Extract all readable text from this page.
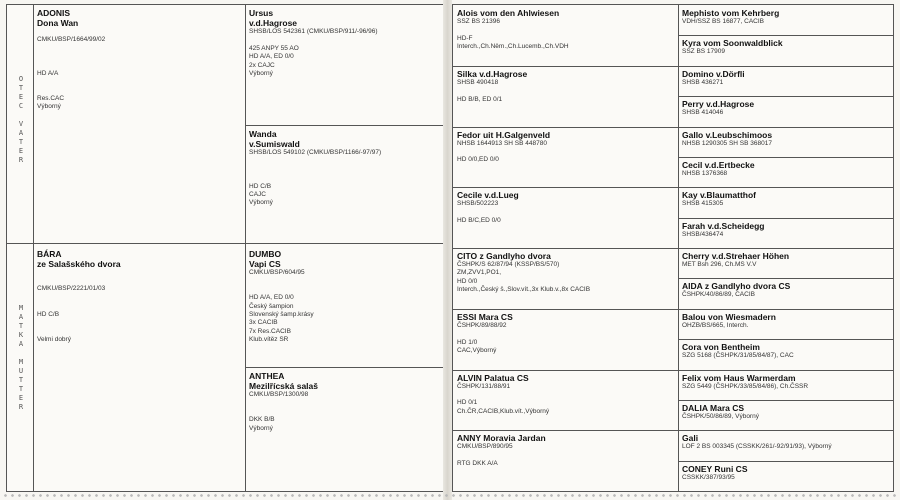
O
T
E
C

V
A
T
E
R
M
A
T
K
A

M
U
T
T
E
R
ADONIS
Dona Wan
CMKU/BSP/1664/99/02

HD A/A

Res.CAC
Výborný
BÁRA
ze Salašského dvora

CMKU/BSP/2221/01/03

HD C/B

Velmi dobrý
Ursus
v.d.Hagrose
SHSB/LOS 542361 (CMKU/BSP/911/-96/96)

425 ANPY 55 AO
HD A/A, ED 0/0
2x CAJC
Výborný
Wanda
v.Sumiswald
SHSB/LOS 549102 (CMKU/BSP/1166/-97/97)

HD C/B
CAJC
Výborný
DUMBO
Vapi CS
CMKU/BSP/604/95

HD A/A, ED 0/0
Český šampion
Slovenský šamp.krásy
3x CACIB
7x Res.CACIB
Klub.vítěz SR
ANTHEA
Mezilřícská salaš
CMKU/BSP/1300/98

DKK B/B
Výborný
Alois vom den Ahlwiesen
SSZ BS 21396

HD-F
Interch.,Ch.Něm.,Ch.Lucemb.,Ch.VDH
Silka v.d.Hagrose
SHSB 490418

HD B/B, ED 0/1
Fedor uit H.Galgenveld
NHSB 1644913 SH SB 448780

HD 0/0,ED 0/0
Cecile v.d.Lueg
SHSB/502223

HD B/C,ED 0/0
CITO z Gandlyho dvora
ČSHPK/S 62/87/94 (KSSP/BS/570)
ZM,ZVV1,PO1,
HD 0/0
Interch.,Český š.,Slov.vít.,3x Klub.v.,8x CACIB
ESSI Mara CS
ČSHPK/89/88/92

HD 1/0
CAC,Výborný
ALVIN Palatua CS
ČSHPK/131/88/91

HD 0/1
Ch.ČR,CACIB,Klub.vít.,Výborný
ANNY Moravia Jardan
CMKU/BSP/890/95

RTG DKK A/A
Mephisto vom Kehrberg
VDH/SSZ BS 16877, CACIB
Kyra vom Soonwaldblick
SSZ BS 17909
Domino v.Dörfli
SHSB 436271
Perry v.d.Hagrose
SHSB 414046
Gallo v.Leubschimoos
NHSB 1290305 SH SB 368017
Cecil v.d.Ertbecke
NHSB 1376368
Kay v.Blaumatthof
SHSB 415305
Farah v.d.Scheidegg
SHSB/436474
Cherry v.d.Strehaer Höhen
MET Bsh 296, Ch.MS V.V
AIDA z Gandlyho dvora CS
ČSHPK/40/86/89, CACIB
Balou von Wiesmadern
OHZB/BS/665, Interch.
Cora von Bentheim
SZG 5168 (ČSHPK/31/85/84/87), CAC
Felix vom Haus Warmerdam
SZG 5449 (ČSHPK/33/85/84/86), Ch.ČSSR
DALIA Mara CS
ČSHPK/50/86/89, Výborný
Gali
LOF 2 BS 003345 (CSSKK/261/-92/91/93), Výborný
CONEY Runi CS
CSSKK/387/93/95
